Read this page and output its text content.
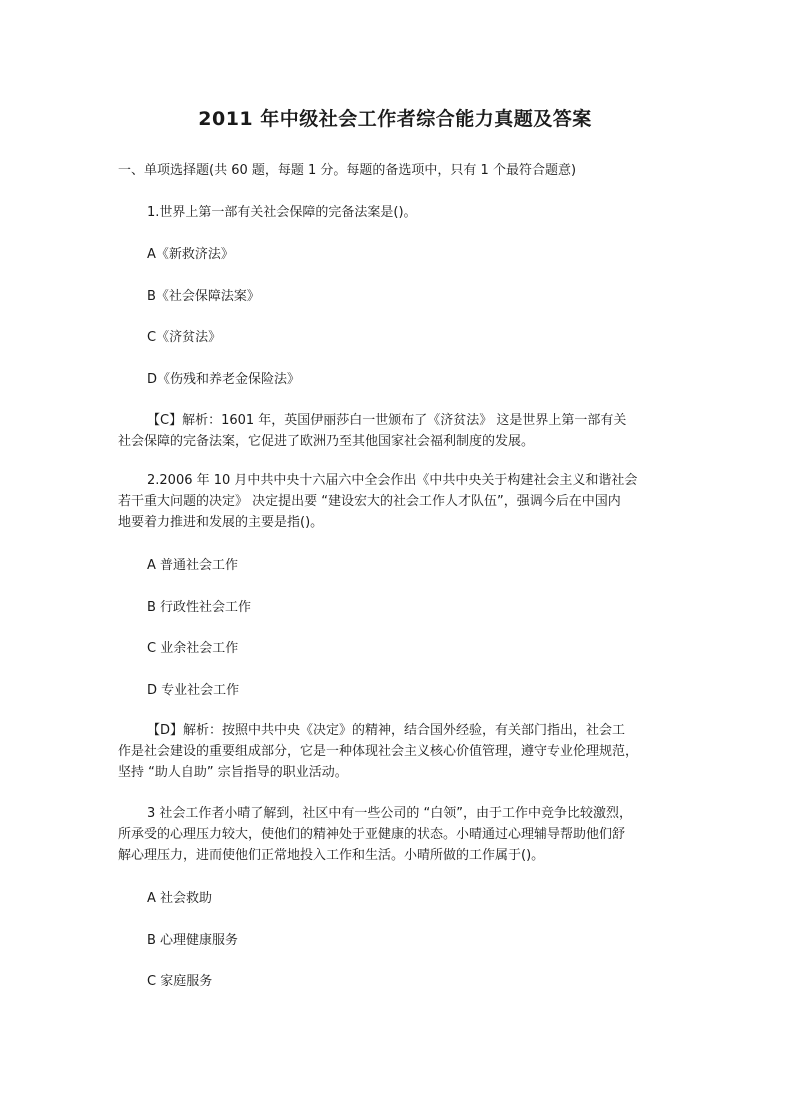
2011 年中级社会工作者综合能力真题及答案

一、单项选择题(共 60 题，每题 1 分。每题的备选项中，只有 1 个最符合题意)

1.世界上第一部有关社会保障的完备法案是()。

A《新救济法》

B《社会保障法案》

C《济贫法》

D《伤残和养老金保险法》

【C】解析：1601 年，英国伊丽莎白一世颁布了《济贫法》 这是世界上第一部有关
社会保障的完备法案，它促进了欧洲乃至其他国家社会福利制度的发展。
2.2006 年 10 月中共中央十六届六中全会作出《中共中央关于构建社会主义和谐社会
若干重大问题的决定》 决定提出要 “建设宏大的社会工作人才队伍”，强调今后在中国内
地要着力推进和发展的主要是指()。

A 普通社会工作

B 行政性社会工作

C 业余社会工作

D 专业社会工作

【D】解析：按照中共中央《决定》的精神，结合国外经验，有关部门指出，社会工
作是社会建设的重要组成部分，它是一种体现社会主义核心价值管理，遵守专业伦理规范，
坚持 “助人自助” 宗旨指导的职业活动。
3 社会工作者小晴了解到，社区中有一些公司的 “白领”，由于工作中竞争比较激烈，
所承受的心理压力较大，使他们的精神处于亚健康的状态。小晴通过心理辅导帮助他们舒
解心理压力，进而使他们正常地投入工作和生活。小晴所做的工作属于()。

A 社会救助

B 心理健康服务

C 家庭服务
